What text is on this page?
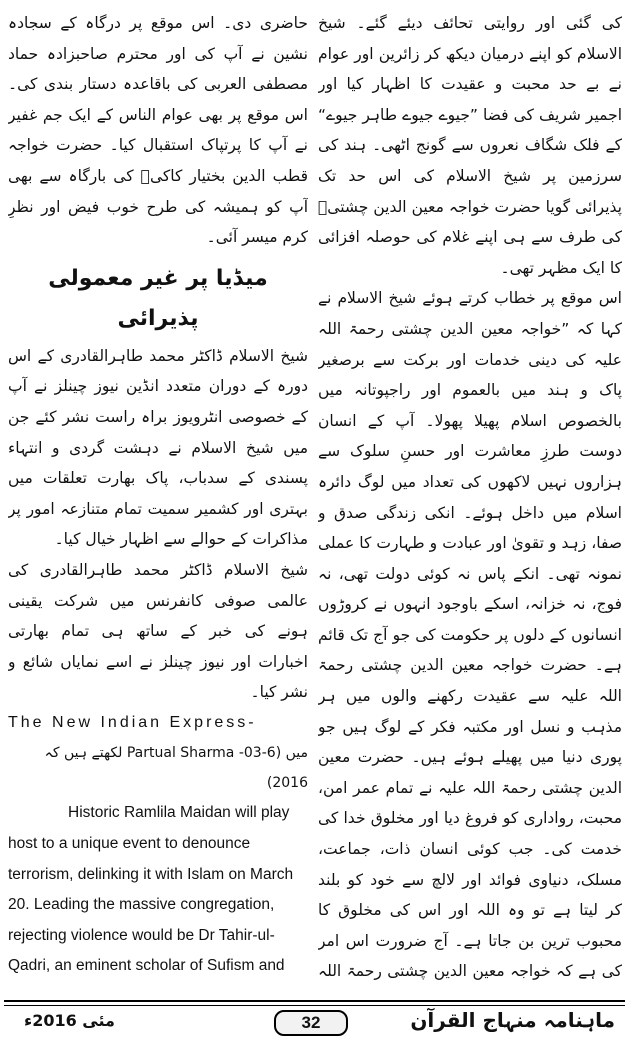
کی گئی اور روایتی تحائف دیئے گئے۔ شیخ الاسلام کو اپنے درمیان دیکھ کر زائرین اور عوام نے بے حد محبت و عقیدت کا اظہار کیا اور اجمیر شریف کی فضا ”جیوے جیوے طاہر جیوے“ کے فلک شگاف نعروں سے گونج اٹھی۔ ہند کی سرزمین پر شیخ الاسلام کی اس حد تک پذیرائی گویا حضرت خواجہ معین الدین چشتیؒ کی طرف سے ہی اپنے غلام کی حوصلہ افزائی کا ایک مظہر تھی۔

اس موقع پر خطاب کرتے ہوئے شیخ الاسلام نے کہا کہ ”خواجہ معین الدین چشتی رحمۃ اللہ علیہ کی دینی خدمات اور برکت سے برصغیر پاک و ہند میں بالعموم اور راجپوتانہ میں بالخصوص اسلام پھیلا پھولا۔ آپ کے انسان دوست طرزِ معاشرت اور حسنِ سلوک سے ہزاروں نہیں لاکھوں کی تعداد میں لوگ دائرہ اسلام میں داخل ہوئے۔ انکی زندگی صدق و صفا، زہد و تقویٰ اور عبادت و طہارت کا عملی نمونہ تھی۔ انکے پاس نہ کوئی دولت تھی، نہ فوج، نہ خزانہ، اسکے باوجود انہوں نے کروڑوں انسانوں کے دلوں پر حکومت کی جو آج تک قائم ہے۔ حضرت خواجہ معین الدین چشتی رحمۃ اللہ علیہ سے عقیدت رکھنے والوں میں ہر مذہب و نسل اور مکتبہ فکر کے لوگ ہیں جو پوری دنیا میں پھیلے ہوئے ہیں۔ حضرت معین الدین چشتی رحمۃ اللہ علیہ نے تمام عمر امن، محبت، رواداری کو فروغ دیا اور مخلوق خدا کی خدمت کی۔ جب کوئی انسان ذات، جماعت، مسلک، دنیاوی فوائد اور لالچ سے خود کو بلند کر لیتا ہے تو وہ اللہ اور اس کی مخلوق کا محبوب ترین بن جاتا ہے۔ آج ضرورت اس امر کی ہے کہ خواجہ معین الدین چشتی رحمۃ اللہ

حاضری دی۔ اس موقع پر درگاہ کے سجادہ نشین نے آپ کی اور محترم صاحبزادہ حماد مصطفی العربی کی باقاعدہ دستار بندی کی۔ اس موقع پر بھی عوام الناس کے ایک جم غفیر نے آپ کا پرتپاک استقبال کیا۔ حضرت خواجہ قطب الدین بختیار کاکیؒ کی بارگاہ سے بھی آپ کو ہمیشہ کی طرح خوب فیض اور نظرِ کرم میسر آئی۔

میڈیا پر غیر معمولی پذیرائی

شیخ الاسلام ڈاکٹر محمد طاہرالقادری کے اس دورہ کے دوران متعدد انڈین نیوز چینلز نے آپ کے خصوصی انٹرویوز براہ راست نشر کئے جن میں شیخ الاسلام نے دہشت گردی و انتہاء پسندی کے سدباب، پاک بھارت تعلقات میں بہتری اور کشمیر سمیت تمام متنازعہ امور پر مذاکرات کے حوالے سے اظہار خیال کیا۔

شیخ الاسلام ڈاکٹر محمد طاہرالقادری کی عالمی صوفی کانفرنس میں شرکت یقینی ہونے کی خبر کے ساتھ ہی تمام بھارتی اخبارات اور نیوز چینلز نے اسے نمایاں شائع و نشر کیا۔

The New Indian Express-

لکھتے ہیں کہ Partual Sharma	میں (6-03-2016)

Historic Ramlila Maidan will play host to a unique event to denounce terrorism, delinking it with Islam on March 20. Leading the massive congregation, rejecting violence would be Dr Tahir-ul-Qadri, an eminent scholar of Sufism and

مئی 2016ء	32	ماہنامہ منہاج القرآن
